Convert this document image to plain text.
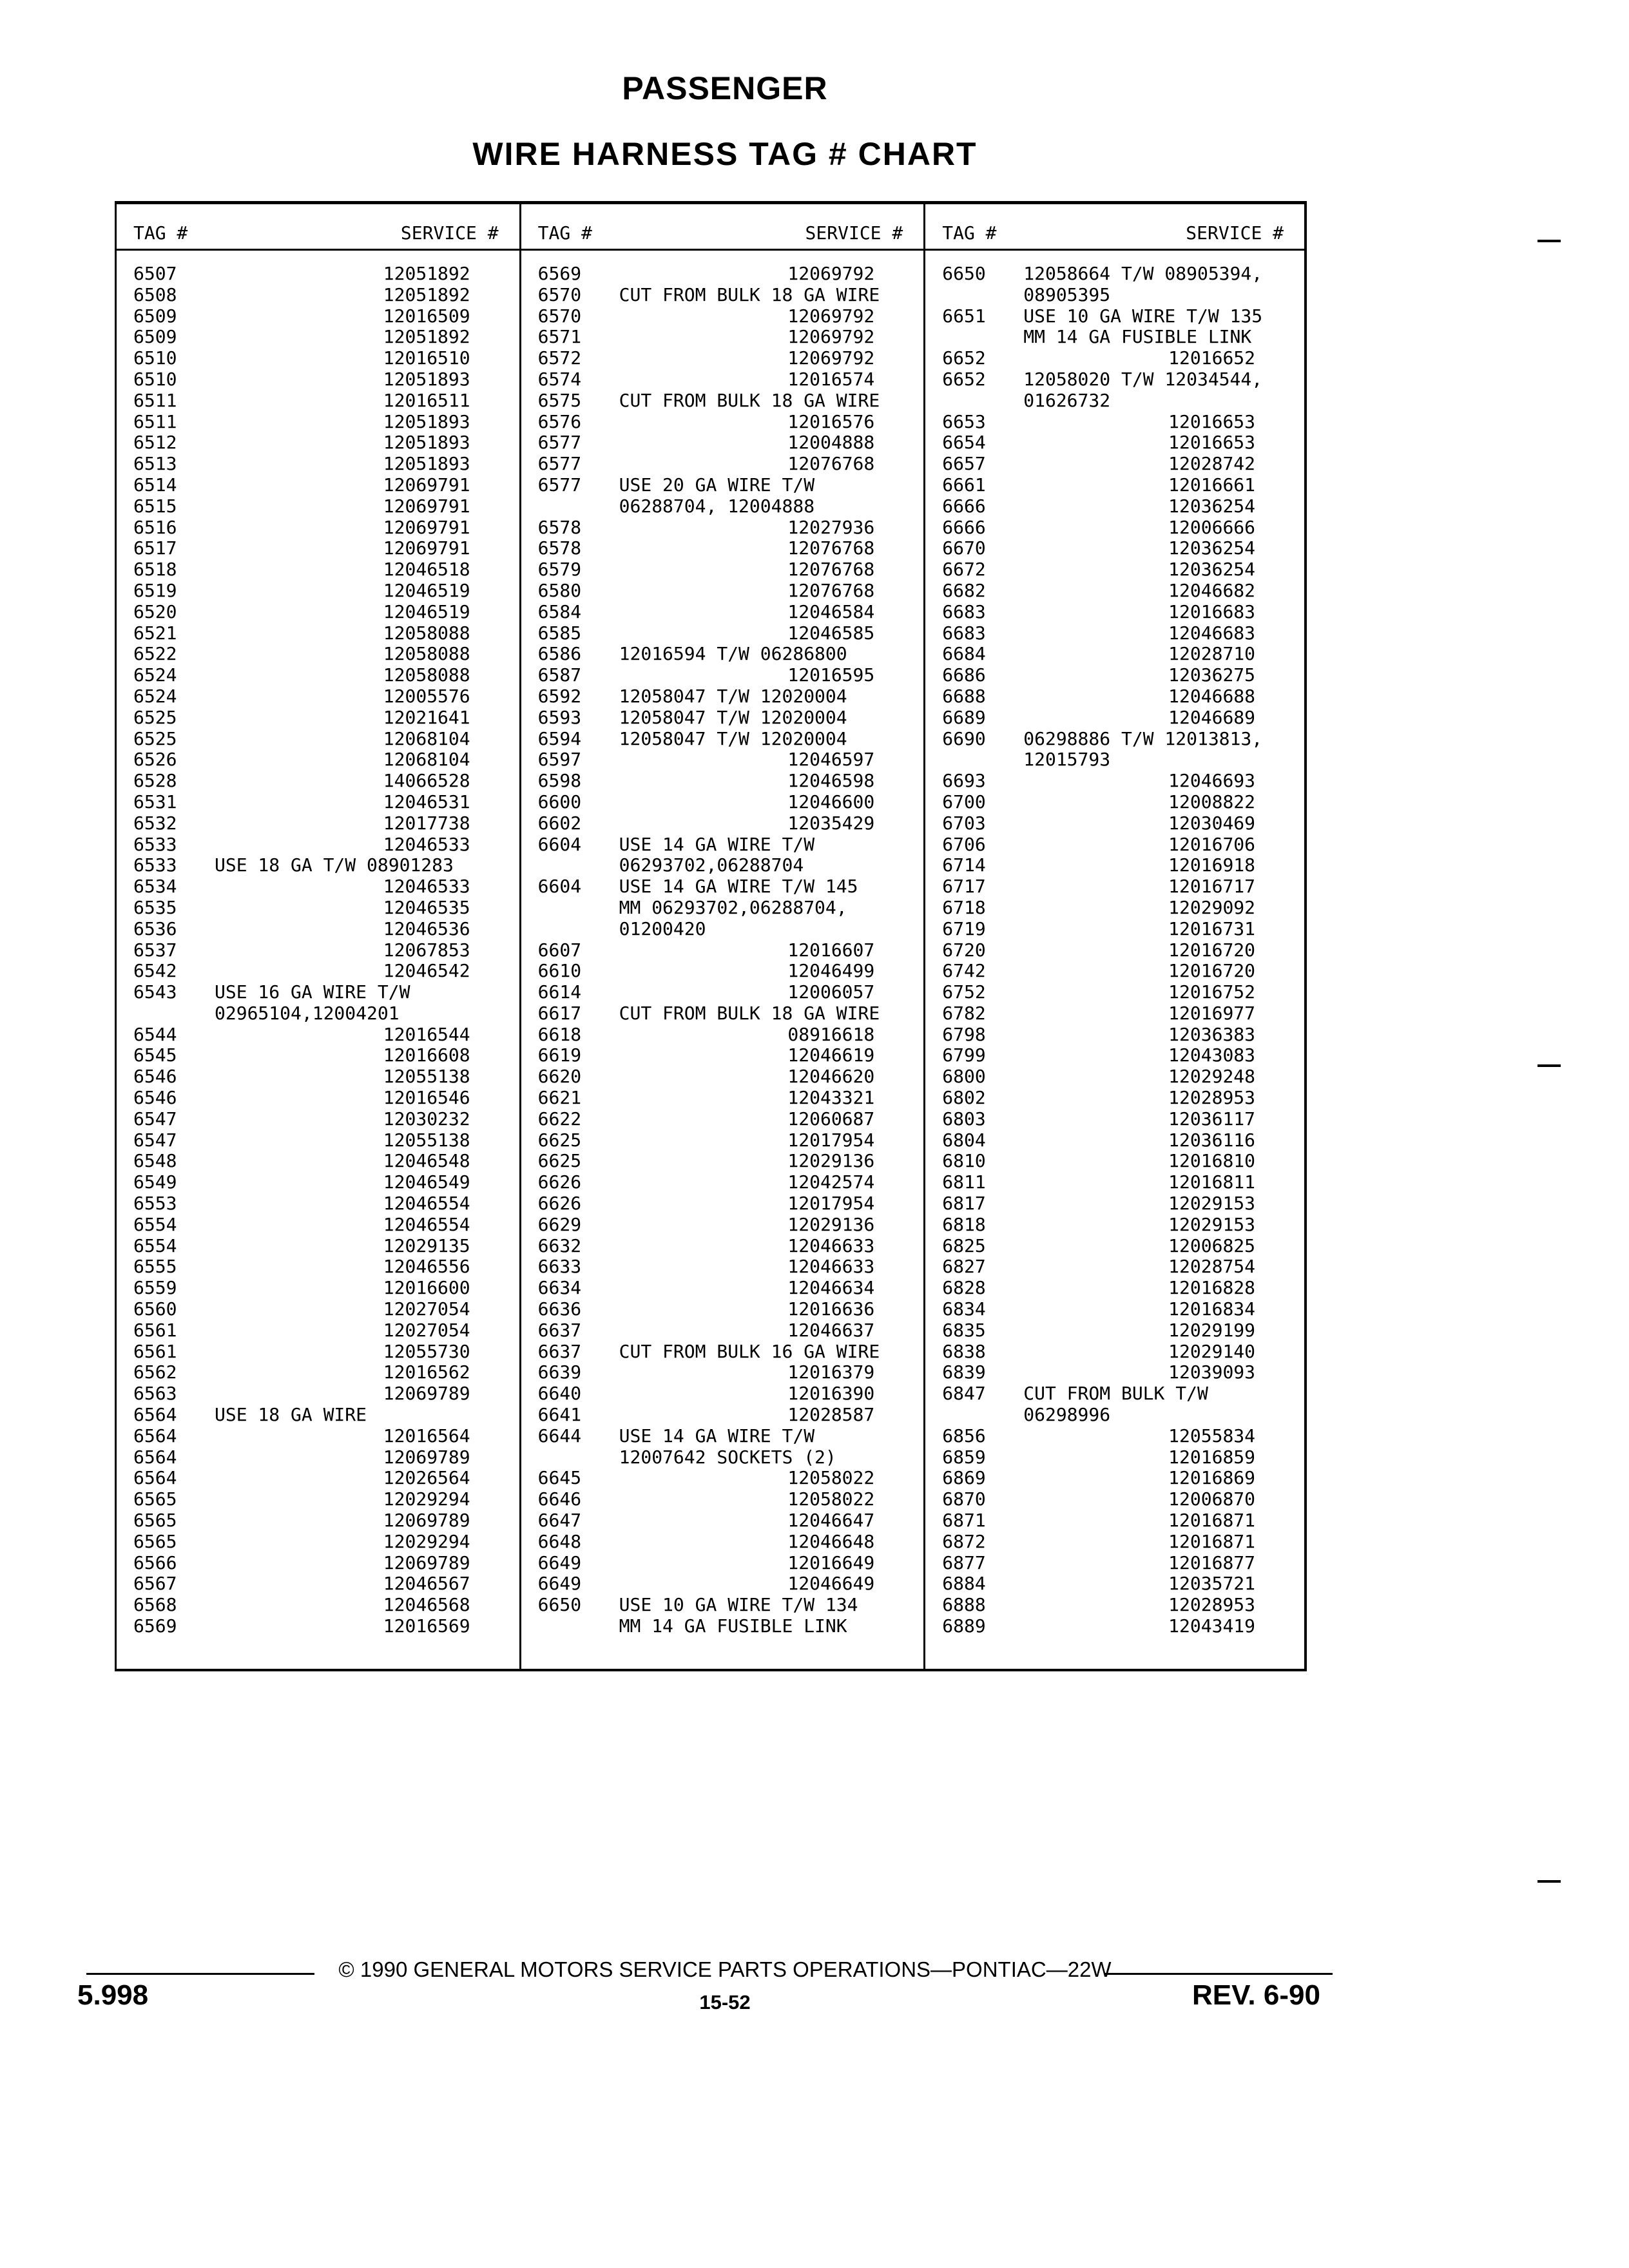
PASSENGER
WIRE HARNESS TAG # CHART
TAG #	SERVICE #
6507	12051892
6508	12051892
6509	12016509
6509	12051892
6510	12016510
6510	12051893
6511	12016511
6511	12051893
6512	12051893
6513	12051893
6514	12069791
6515	12069791
6516	12069791
6517	12069791
6518	12046518
6519	12046519
6520	12046519
6521	12058088
6522	12058088
6524	12058088
6524	12005576
6525	12021641
6525	12068104
6526	12068104
6528	14066528
6531	12046531
6532	12017738
6533	12046533
6533	USE 18 GA T/W 08901283
6534	12046533
6535	12046535
6536	12046536
6537	12067853
6542	12046542
6543	USE 16 GA WIRE T/W
02965104,12004201
6544	12016544
6545	12016608
6546	12055138
6546	12016546
6547	12030232
6547	12055138
6548	12046548
6549	12046549
6553	12046554
6554	12046554
6554	12029135
6555	12046556
6559	12016600
6560	12027054
6561	12027054
6561	12055730
6562	12016562
6563	12069789
6564	USE 18 GA WIRE
6564	12016564
6564	12069789
6564	12026564
6565	12029294
6565	12069789
6565	12029294
6566	12069789
6567	12046567
6568	12046568
6569	12016569
TAG #	SERVICE #
6569	12069792
6570	CUT FROM BULK 18 GA WIRE
6570	12069792
6571	12069792
6572	12069792
6574	12016574
6575	CUT FROM BULK 18 GA WIRE
6576	12016576
6577	12004888
6577	12076768
6577	USE 20 GA WIRE T/W
06288704, 12004888
6578	12027936
6578	12076768
6579	12076768
6580	12076768
6584	12046584
6585	12046585
6586	12016594 T/W 06286800
6587	12016595
6592	12058047 T/W 12020004
6593	12058047 T/W 12020004
6594	12058047 T/W 12020004
6597	12046597
6598	12046598
6600	12046600
6602	12035429
6604	USE 14 GA WIRE T/W
06293702,06288704
6604	USE 14 GA WIRE T/W 145
MM 06293702,06288704,
01200420
6607	12016607
6610	12046499
6614	12006057
6617	CUT FROM BULK 18 GA WIRE
6618	08916618
6619	12046619
6620	12046620
6621	12043321
6622	12060687
6625	12017954
6625	12029136
6626	12042574
6626	12017954
6629	12029136
6632	12046633
6633	12046633
6634	12046634
6636	12016636
6637	12046637
6637	CUT FROM BULK 16 GA WIRE
6639	12016379
6640	12016390
6641	12028587
6644	USE 14 GA WIRE T/W
12007642 SOCKETS (2)
6645	12058022
6646	12058022
6647	12046647
6648	12046648
6649	12016649
6649	12046649
6650	USE 10 GA WIRE T/W 134
MM 14 GA FUSIBLE LINK
TAG #	SERVICE #
6650	12058664 T/W 08905394,
08905395
6651	USE 10 GA WIRE T/W 135
MM 14 GA FUSIBLE LINK
6652	12016652
6652	12058020 T/W 12034544,
01626732
6653	12016653
6654	12016653
6657	12028742
6661	12016661
6666	12036254
6666	12006666
6670	12036254
6672	12036254
6682	12046682
6683	12016683
6683	12046683
6684	12028710
6686	12036275
6688	12046688
6689	12046689
6690	06298886 T/W 12013813,
12015793
6693	12046693
6700	12008822
6703	12030469
6706	12016706
6714	12016918
6717	12016717
6718	12029092
6719	12016731
6720	12016720
6742	12016720
6752	12016752
6782	12016977
6798	12036383
6799	12043083
6800	12029248
6802	12028953
6803	12036117
6804	12036116
6810	12016810
6811	12016811
6817	12029153
6818	12029153
6825	12006825
6827	12028754
6828	12016828
6834	12016834
6835	12029199
6838	12029140
6839	12039093
6847	CUT FROM BULK T/W
06298996
6856	12055834
6859	12016859
6869	12016869
6870	12006870
6871	12016871
6872	12016871
6877	12016877
6884	12035721
6888	12028953
6889	12043419
© 1990 GENERAL MOTORS SERVICE PARTS OPERATIONS—PONTIAC—22W
15-52
5.998	REV. 6-90
